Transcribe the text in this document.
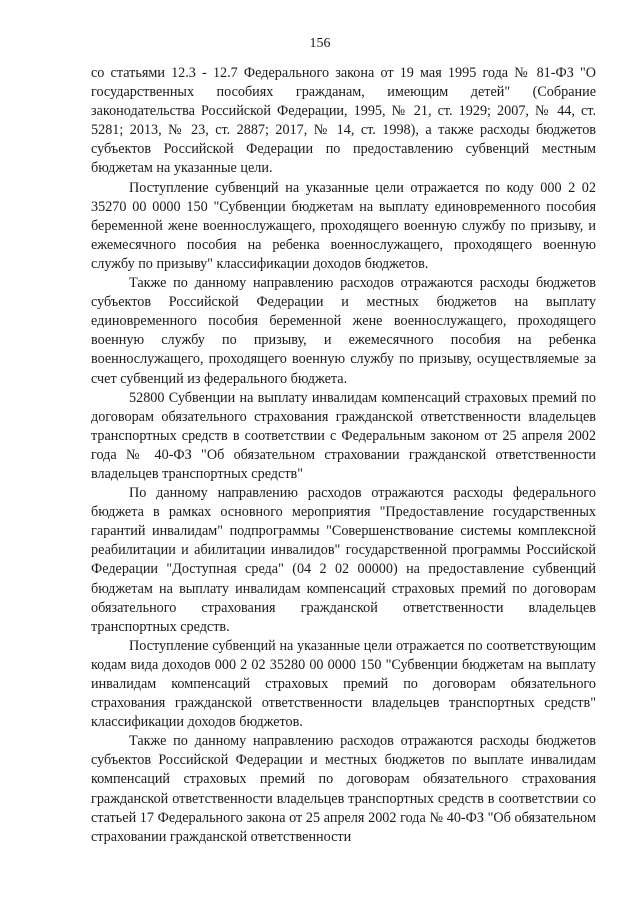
156

со статьями 12.3 - 12.7 Федерального закона от 19 мая 1995 года № 81-ФЗ "О государственных пособиях гражданам, имеющим детей" (Собрание законодательства Российской Федерации, 1995, № 21, ст. 1929; 2007, № 44, ст. 5281; 2013, № 23, ст. 2887; 2017, № 14, ст. 1998), а также расходы бюджетов субъектов Российской Федерации по предоставлению субвенций местным бюджетам на указанные цели.

Поступление субвенций на указанные цели отражается по коду 000 2 02 35270 00 0000 150 "Субвенции бюджетам на выплату единовременного пособия беременной жене военнослужащего, проходящего военную службу по призыву, и ежемесячного пособия на ребенка военнослужащего, проходящего военную службу по призыву" классификации доходов бюджетов.

Также по данному направлению расходов отражаются расходы бюджетов субъектов Российской Федерации и местных бюджетов на выплату единовременного пособия беременной жене военнослужащего, проходящего военную службу по призыву, и ежемесячного пособия на ребенка военнослужащего, проходящего военную службу по призыву, осуществляемые за счет субвенций из федерального бюджета.

52800 Субвенции на выплату инвалидам компенсаций страховых премий по договорам обязательного страхования гражданской ответственности владельцев транспортных средств в соответствии с Федеральным законом от 25 апреля 2002 года № 40-ФЗ "Об обязательном страховании гражданской ответственности владельцев транспортных средств"

По данному направлению расходов отражаются расходы федерального бюджета в рамках основного мероприятия "Предоставление государственных гарантий инвалидам" подпрограммы "Совершенствование системы комплексной реабилитации и абилитации инвалидов" государственной программы Российской Федерации "Доступная среда" (04 2 02 00000) на предоставление субвенций бюджетам на выплату инвалидам компенсаций страховых премий по договорам обязательного страхования гражданской ответственности владельцев транспортных средств.

Поступление субвенций на указанные цели отражается по соответствующим кодам вида доходов 000 2 02 35280 00 0000 150 "Субвенции бюджетам на выплату инвалидам компенсаций страховых премий по договорам обязательного страхования гражданской ответственности владельцев транспортных средств" классификации доходов бюджетов.

Также по данному направлению расходов отражаются расходы бюджетов субъектов Российской Федерации и местных бюджетов по выплате инвалидам компенсаций страховых премий по договорам обязательного страхования гражданской ответственности владельцев транспортных средств в соответствии со статьей 17 Федерального закона от 25 апреля 2002 года № 40-ФЗ "Об обязательном страховании гражданской ответственности
